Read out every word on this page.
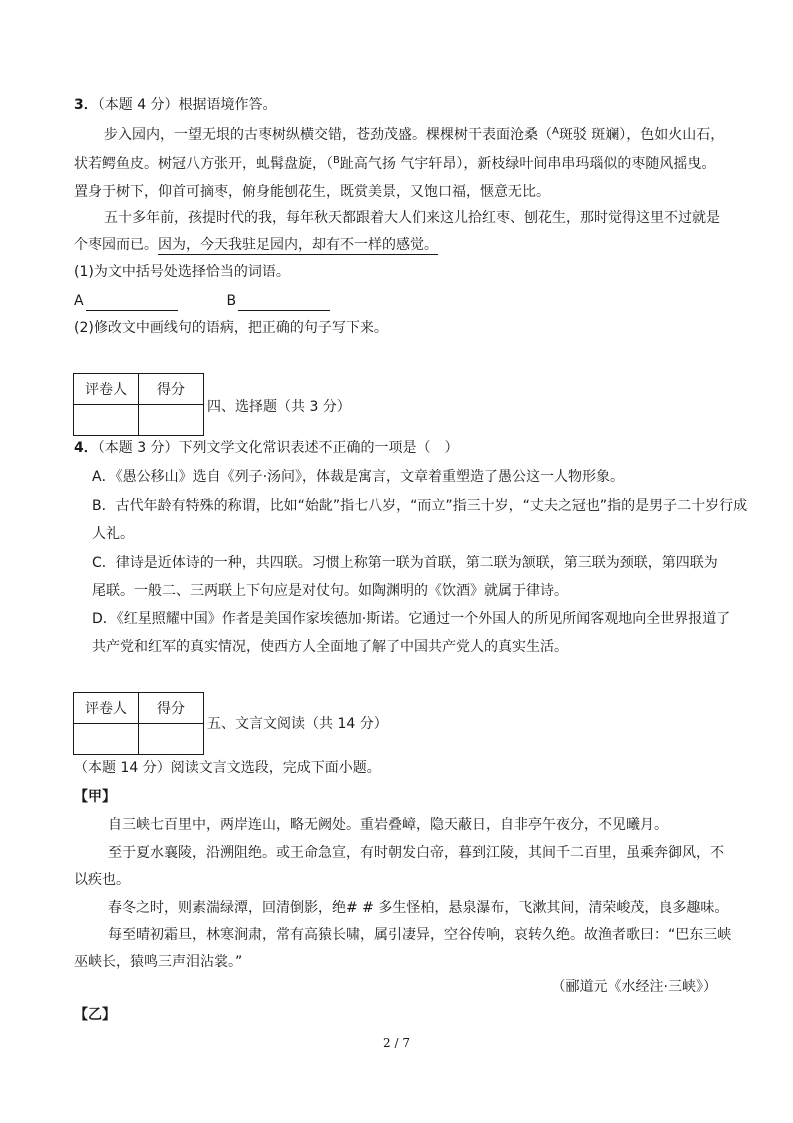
3．（本题 4 分）根据语境作答。
步入园内，一望无垠的古枣树纵横交错，苍劲茂盛。棵棵树干表面沧桑（$^A$斑驳 斑斓），色如火山石，
状若鳄鱼皮。树冠八方张开，虬髯盘旋，（$^B$趾高气扬 气宇轩昂），新枝绿叶间串串玛瑙似的枣随风摇曳。
置身于树下，仰首可摘枣，俯身能刨花生，既赏美景，又饱口福，惬意无比。
五十多年前，孩提时代的我，每年秋天都跟着大人们来这儿拾红枣、刨花生，那时觉得这里不过就是
个枣园而已。因为，今天我驻足园内，却有不一样的感觉。
(1)为文中括号处选择恰当的词语。
A	B
(2)修改文中画线句的语病，把正确的句子写下来。
评卷人	得分

四、选择题（共 3 分）
4．（本题 3 分）下列文学文化常识表述不正确的一项是（　）
A．《愚公移山》选自《列子·汤问》，体裁是寓言，文章着重塑造了愚公这一人物形象。
B．古代年龄有特殊的称谓，比如“始龀”指七八岁，“而立”指三十岁，“丈夫之冠也”指的是男子二十岁行成
人礼。
C．律诗是近体诗的一种，共四联。习惯上称第一联为首联，第二联为颔联，第三联为颈联，第四联为
尾联。一般二、三两联上下句应是对仗句。如陶渊明的《饮酒》就属于律诗。
D．《红星照耀中国》作者是美国作家埃德加·斯诺。它通过一个外国人的所见所闻客观地向全世界报道了
共产党和红军的真实情况，使西方人全面地了解了中国共产党人的真实生活。
评卷人	得分

五、文言文阅读（共 14 分）
（本题 14 分）阅读文言文选段，完成下面小题。
【甲】
自三峡七百里中，两岸连山，略无阙处。重岩叠嶂，隐天蔽日，自非亭午夜分，不见曦月。
至于夏水襄陵，沿溯阻绝。或王命急宣，有时朝发白帝，暮到江陵，其间千二百里，虽乘奔御风，不
以疾也。
春冬之时，则素湍绿潭，回清倒影，绝# # 多生怪柏，悬泉瀑布，飞漱其间，清荣峻茂，良多趣味。
每至晴初霜旦，林寒涧肃，常有高猿长啸，属引凄异，空谷传响，哀转久绝。故渔者歌曰：“巴东三峡
巫峡长，猿鸣三声泪沾裳。”
（郦道元《水经注·三峡》）
【乙】
2 / 7
